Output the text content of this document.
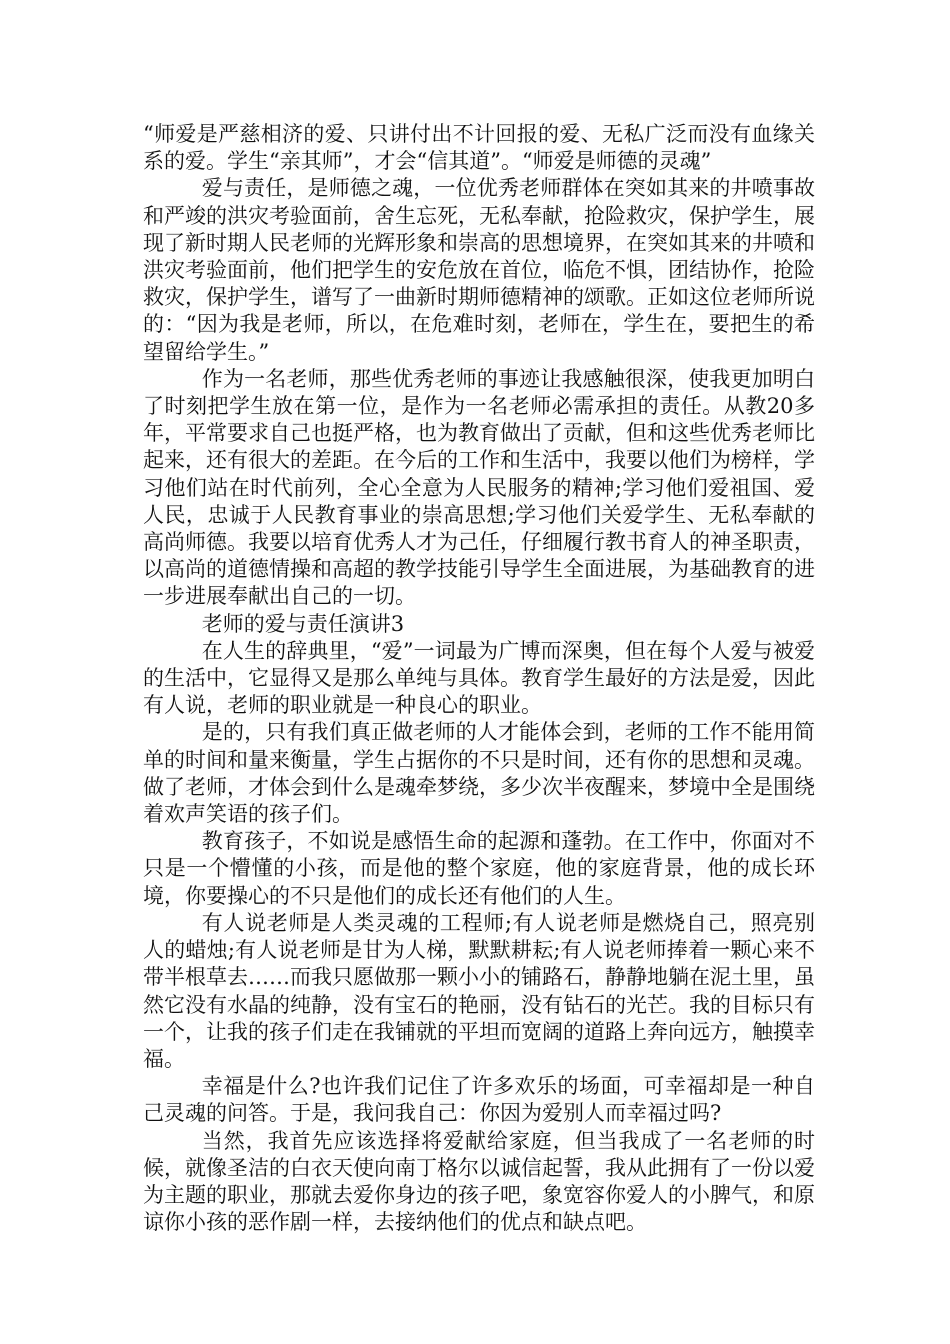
“师爱是严慈相济的爱、只讲付出不计回报的爱、无私广泛而没有血缘关系的爱。学生“亲其师”，才会“信其道”。“师爱是师德的灵魂”

爱与责任，是师德之魂，一位优秀老师群体在突如其来的井喷事故和严竣的洪灾考验面前，舍生忘死，无私奉献，抢险救灾，保护学生，展现了新时期人民老师的光辉形象和崇高的思想境界，在突如其来的井喷和洪灾考验面前，他们把学生的安危放在首位，临危不惧，团结协作，抢险救灾，保护学生，谱写了一曲新时期师德精神的颂歌。正如这位老师所说的：“因为我是老师，所以，在危难时刻，老师在，学生在，要把生的希望留给学生。”

作为一名老师，那些优秀老师的事迹让我感触很深，使我更加明白了时刻把学生放在第一位，是作为一名老师必需承担的责任。从教20多年，平常要求自己也挺严格，也为教育做出了贡献，但和这些优秀老师比起来，还有很大的差距。在今后的工作和生活中，我要以他们为榜样，学习他们站在时代前列，全心全意为人民服务的精神;学习他们爱祖国、爱人民，忠诚于人民教育事业的崇高思想;学习他们关爱学生、无私奉献的高尚师德。我要以培育优秀人才为己任，仔细履行教书育人的神圣职责，以高尚的道德情操和高超的教学技能引导学生全面进展，为基础教育的进一步进展奉献出自己的一切。

老师的爱与责任演讲3

在人生的辞典里，“爱”一词最为广博而深奥，但在每个人爱与被爱的生活中，它显得又是那么单纯与具体。教育学生最好的方法是爱，因此有人说，老师的职业就是一种良心的职业。

是的，只有我们真正做老师的人才能体会到，老师的工作不能用简单的时间和量来衡量，学生占据你的不只是时间，还有你的思想和灵魂。做了老师，才体会到什么是魂牵梦绕，多少次半夜醒来，梦境中全是围绕着欢声笑语的孩子们。

教育孩子，不如说是感悟生命的起源和蓬勃。在工作中，你面对不只是一个懵懂的小孩，而是他的整个家庭，他的家庭背景，他的成长环境，你要操心的不只是他们的成长还有他们的人生。

有人说老师是人类灵魂的工程师;有人说老师是燃烧自己，照亮别人的蜡烛;有人说老师是甘为人梯，默默耕耘;有人说老师捧着一颗心来不带半根草去……而我只愿做那一颗小小的铺路石，静静地躺在泥土里，虽然它没有水晶的纯静，没有宝石的艳丽，没有钻石的光芒。我的目标只有一个，让我的孩子们走在我铺就的平坦而宽阔的道路上奔向远方，触摸幸福。

幸福是什么?也许我们记住了许多欢乐的场面，可幸福却是一种自己灵魂的问答。于是，我问我自己：你因为爱别人而幸福过吗?

当然，我首先应该选择将爱献给家庭，但当我成了一名老师的时候，就像圣洁的白衣天使向南丁格尔以诚信起誓，我从此拥有了一份以爱为主题的职业，那就去爱你身边的孩子吧，象宽容你爱人的小脾气，和原谅你小孩的恶作剧一样，去接纳他们的优点和缺点吧。
